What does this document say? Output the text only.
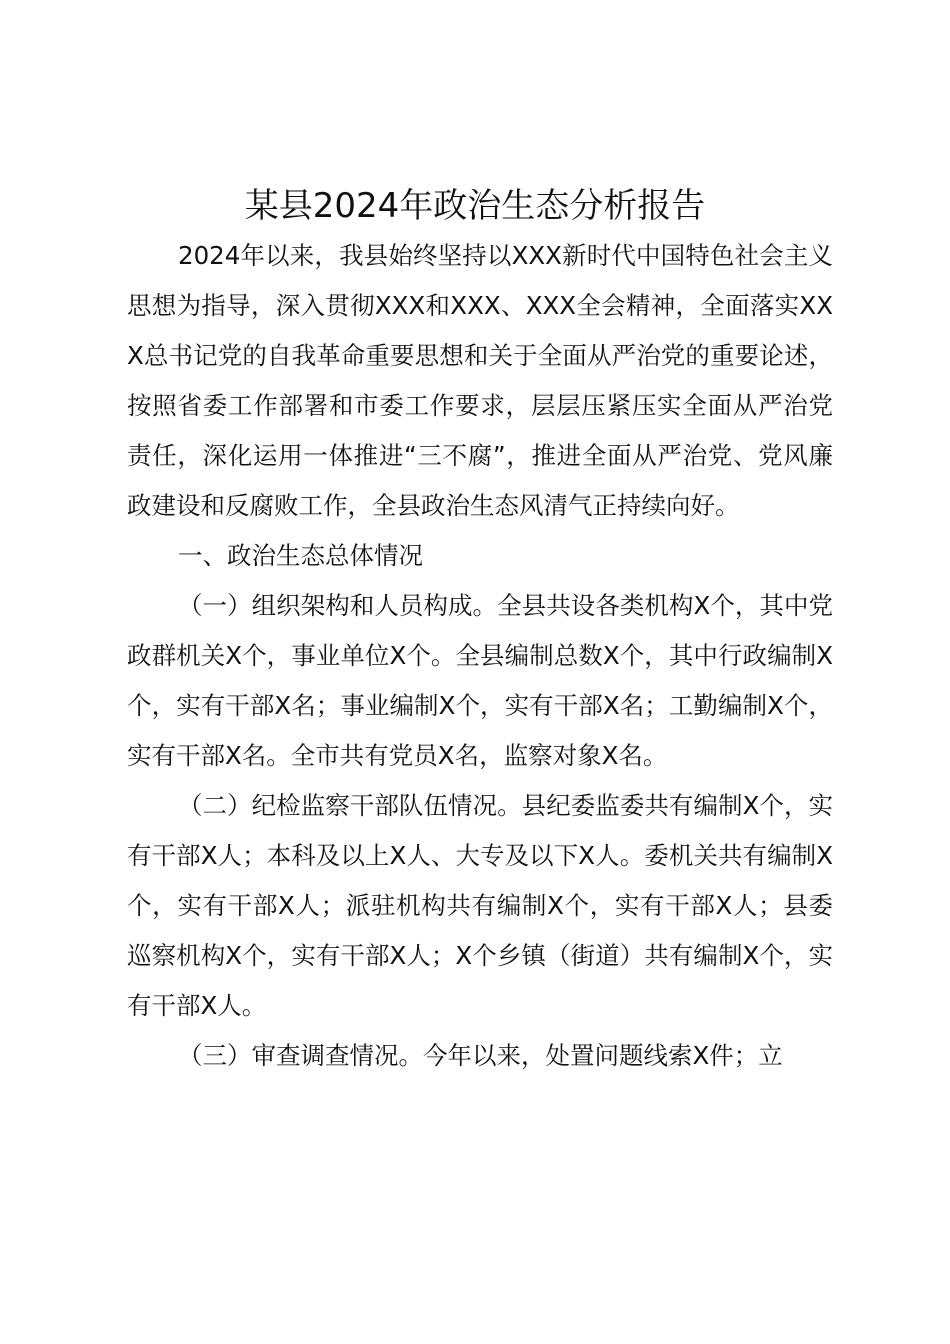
某县2024年政治生态分析报告

2024年以来，我县始终坚持以XXX新时代中国特色社会主义思想为指导，深入贯彻XXX和XXX、XXX全会精神，全面落实XXX总书记党的自我革命重要思想和关于全面从严治党的重要论述，按照省委工作部署和市委工作要求，层层压紧压实全面从严治党责任，深化运用一体推进“三不腐”，推进全面从严治党、党风廉政建设和反腐败工作，全县政治生态风清气正持续向好。

一、政治生态总体情况

（一）组织架构和人员构成。全县共设各类机构X个，其中党政群机关X个，事业单位X个。全县编制总数X个，其中行政编制X个，实有干部X名；事业编制X个，实有干部X名；工勤编制X个，实有干部X名。全市共有党员X名，监察对象X名。

（二）纪检监察干部队伍情况。县纪委监委共有编制X个，实有干部X人；本科及以上X人、大专及以下X人。委机关共有编制X个，实有干部X人；派驻机构共有编制X个，实有干部X人；县委巡察机构X个，实有干部X人；X个乡镇（街道）共有编制X个，实有干部X人。

（三）审查调查情况。今年以来，处置问题线索X件；立
